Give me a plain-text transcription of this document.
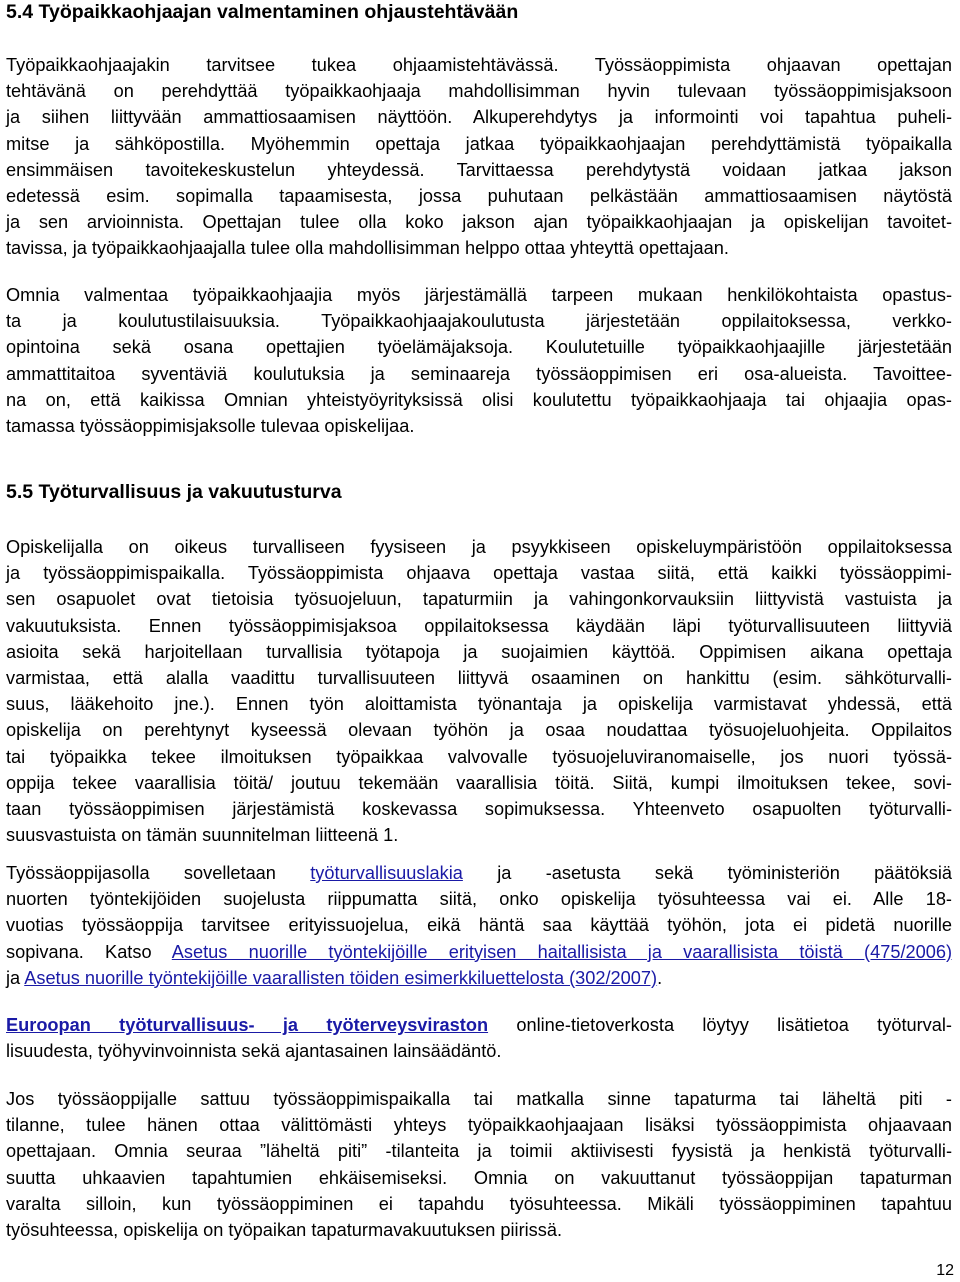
5.4 Työpaikkaohjaajan valmentaminen ohjaustehtävään
Työpaikkaohjaajakin tarvitsee tukea ohjaamistehtävässä. Työssäoppimista ohjaavan opettajan
tehtävänä on perehdyttää työpaikkaohjaaja mahdollisimman hyvin tulevaan työssäoppimisjaksoon
ja siihen liittyvään ammattiosaamisen näyttöön. Alkuperehdytys ja informointi voi tapahtua puheli-
mitse ja sähköpostilla. Myöhemmin opettaja jatkaa työpaikkaohjaajan perehdyttämistä työpaikalla
ensimmäisen tavoitekeskustelun yhteydessä. Tarvittaessa perehdytystä voidaan jatkaa jakson
edetessä esim. sopimalla tapaamisesta, jossa puhutaan pelkästään ammattiosaamisen näytöstä
ja sen arvioinnista. Opettajan tulee olla koko jakson ajan työpaikkaohjaajan ja opiskelijan tavoitet-
tavissa, ja työpaikkaohjaajalla tulee olla mahdollisimman helppo ottaa yhteyttä opettajaan.
Omnia valmentaa työpaikkaohjaajia myös järjestämällä tarpeen mukaan henkilökohtaista opastus-
ta ja koulutustilaisuuksia. Työpaikkaohjaajakoulutusta järjestetään oppilaitoksessa, verkko-
opintoina sekä osana opettajien työelämäjaksoja. Koulutetuille työpaikkaohjaajille järjestetään
ammattitaitoa syventäviä koulutuksia ja seminaareja työssäoppimisen eri osa-alueista. Tavoittee-
na on, että kaikissa Omnian yhteistyöyrityksissä olisi koulutettu työpaikkaohjaaja tai ohjaajia opas-
tamassa työssäoppimisjaksolle tulevaa opiskelijaa.
5.5 Työturvallisuus ja vakuutusturva
Opiskelijalla on oikeus turvalliseen fyysiseen ja psyykkiseen opiskeluympäristöön oppilaitoksessa
ja työssäoppimispaikalla. Työssäoppimista ohjaava opettaja vastaa siitä, että kaikki työssäoppimi-
sen osapuolet ovat tietoisia työsuojeluun, tapaturmiin ja vahingonkorvauksiin liittyvistä vastuista ja
vakuutuksista. Ennen työssäoppimisjaksoa oppilaitoksessa käydään läpi työturvallisuuteen liittyviä
asioita sekä harjoitellaan turvallisia työtapoja ja suojaimien käyttöä. Oppimisen aikana opettaja
varmistaa, että alalla vaadittu turvallisuuteen liittyvä osaaminen on hankittu (esim. sähköturvalli-
suus, lääkehoito jne.). Ennen työn aloittamista työnantaja ja opiskelija varmistavat yhdessä, että
opiskelija on perehtynyt kyseessä olevaan työhön ja osaa noudattaa työsuojeluohjeita. Oppilaitos
tai työpaikka tekee ilmoituksen työpaikkaa valvovalle työsuojeluviranomaiselle, jos nuori työssä-
oppija tekee vaarallisia töitä/ joutuu tekemään vaarallisia töitä. Siitä, kumpi ilmoituksen tekee, sovi-
taan työssäoppimisen järjestämistä koskevassa sopimuksessa. Yhteenveto osapuolten työturvalli-
suusvastuista on tämän suunnitelman liitteenä 1.
Työssäoppijasolla sovelletaan työturvallisuuslakia ja -asetusta sekä työministeriön päätöksiä
nuorten työntekijöiden suojelusta riippumatta siitä, onko opiskelija työsuhteessa vai ei. Alle 18-
vuotias työssäoppija tarvitsee erityissuojelua, eikä häntä saa käyttää työhön, jota ei pidetä nuorille
sopivana. Katso Asetus nuorille työntekijöille erityisen haitallisista ja vaarallisista töistä (475/2006)
ja Asetus nuorille työntekijöille vaarallisten töiden esimerkkiluettelosta (302/2007).
Euroopan työturvallisuus- ja työterveysviraston online-tietoverkosta löytyy lisätietoa työturval-
lisuudesta, työhyvinvoinnista sekä ajantasainen lainsäädäntö.
Jos työssäoppijalle sattuu työssäoppimispaikalla tai matkalla sinne tapaturma tai läheltä piti -
tilanne, tulee hänen ottaa välittömästi yhteys työpaikkaohjaajaan lisäksi työssäoppimista ohjaavaan
opettajaan. Omnia seuraa ”läheltä piti” -tilanteita ja toimii aktiivisesti fyysistä ja henkistä työturvalli-
suutta uhkaavien tapahtumien ehkäisemiseksi. Omnia on vakuuttanut työssäoppijan tapaturman
varalta silloin, kun työssäoppiminen ei tapahdu työsuhteessa. Mikäli työssäoppiminen tapahtuu
työsuhteessa, opiskelija on työpaikan tapaturmavakuutuksen piirissä.
12
